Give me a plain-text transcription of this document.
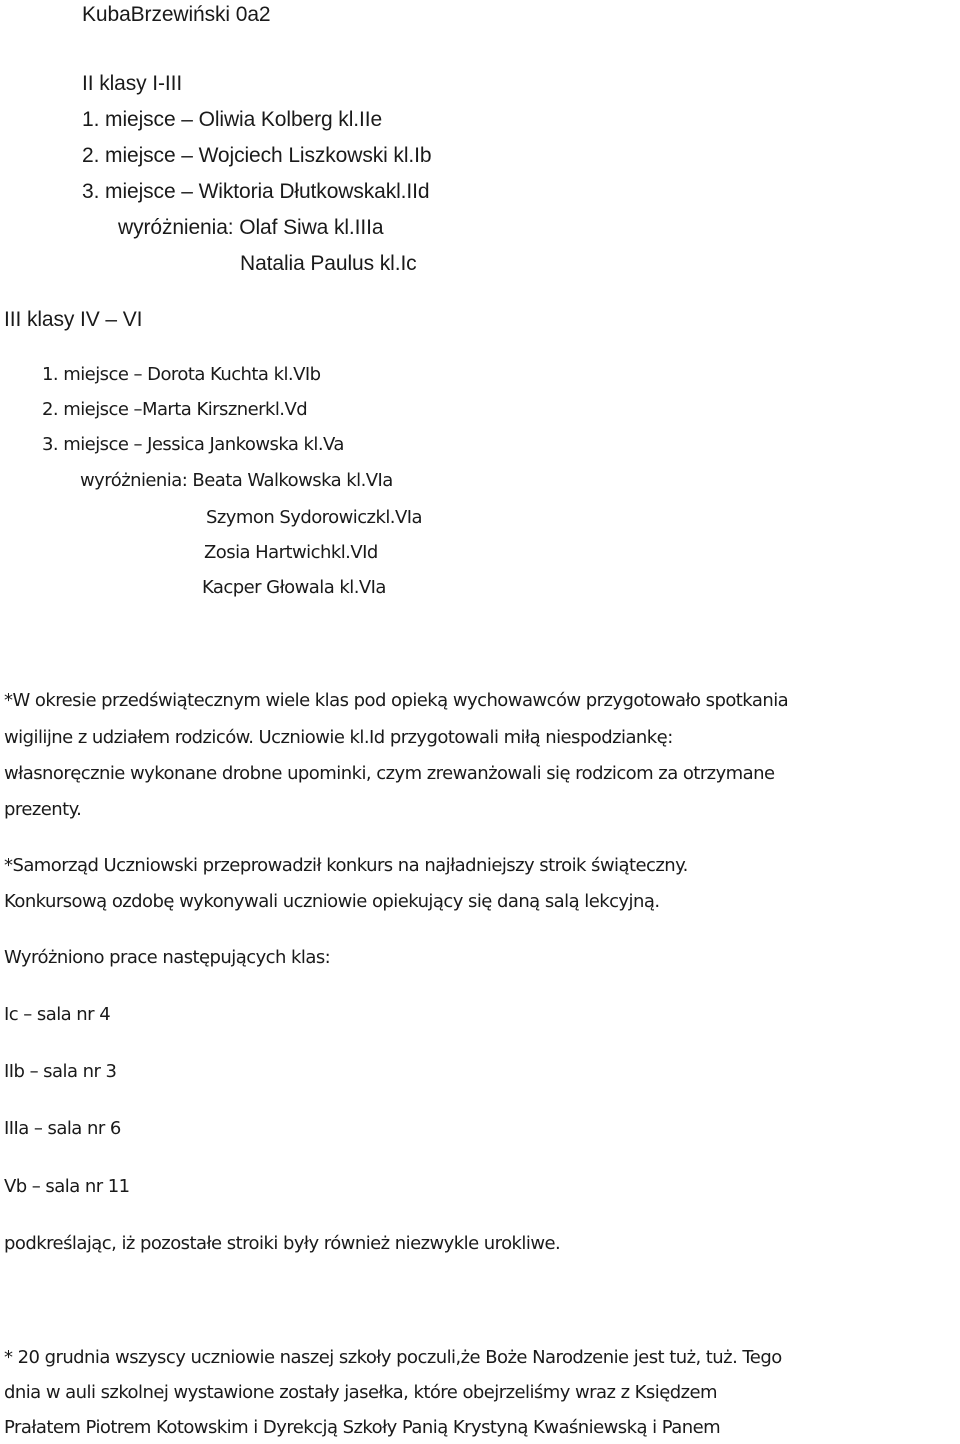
KubaBrzewiński 0a2

II klasy I-III

1. miejsce – Oliwia Kolberg kl.IIe

2. miejsce – Wojciech Liszkowski kl.Ib

3. miejsce – Wiktoria Dłutkowskakl.IId

wyróżnienia: Olaf Siwa kl.IIIa

Natalia Paulus kl.Ic

III klasy IV – VI

1. miejsce – Dorota Kuchta kl.VIb

2. miejsce –Marta Kirsznerkl.Vd

3. miejsce – Jessica Jankowska kl.Va

wyróżnienia: Beata Walkowska kl.VIa

Szymon Sydorowiczkl.VIa

Zosia Hartwichkl.VId

Kacper Głowala kl.VIa

*W okresie przedświątecznym wiele klas pod opieką wychowawców przygotowało spotkania

wigilijne z udziałem rodziców. Uczniowie kl.Id przygotowali miłą niespodziankę:

własnoręcznie wykonane drobne upominki, czym zrewanżowali się rodzicom za otrzymane

prezenty.

*Samorząd Uczniowski przeprowadził konkurs na najładniejszy stroik świąteczny.

Konkursową ozdobę wykonywali uczniowie opiekujący się daną salą lekcyjną.

Wyróżniono prace następujących klas:

Ic – sala nr 4

IIb – sala nr 3

IIIa – sala nr 6

Vb – sala nr 11

podkreślając, iż pozostałe stroiki były również niezwykle urokliwe.

* 20 grudnia wszyscy uczniowie naszej szkoły poczuli,że Boże Narodzenie jest tuż, tuż. Tego

dnia w auli szkolnej wystawione zostały jasełka, które obejrzeliśmy wraz z Księdzem

Prałatem Piotrem Kotowskim i Dyrekcją Szkoły Panią Krystyną Kwaśniewską i Panem
